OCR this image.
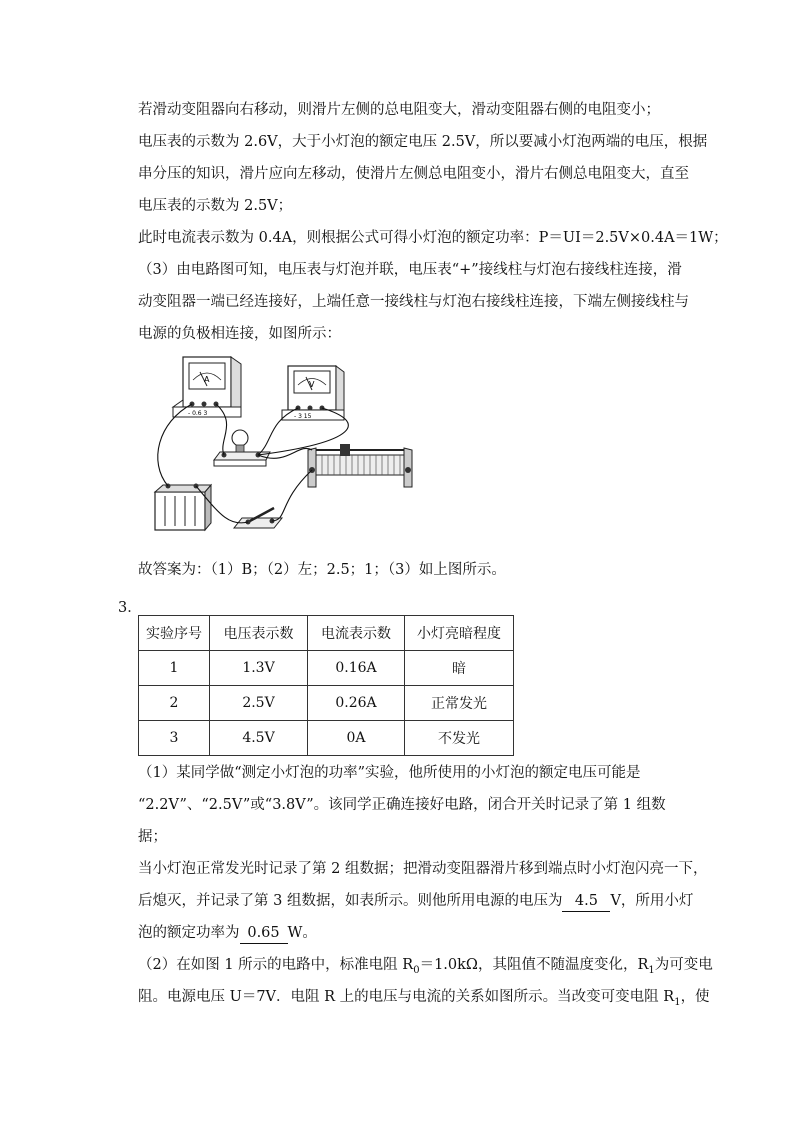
若滑动变阻器向右移动，则滑片左侧的总电阻变大，滑动变阻器右侧的电阻变小；
电压表的示数为 2.6V，大于小灯泡的额定电压 2.5V，所以要减小灯泡两端的电压，根据
串分压的知识，滑片应向左移动，使滑片左侧总电阻变小，滑片右侧总电阻变大，直至
电压表的示数为 2.5V；
此时电流表示数为 0.4A，则根据公式可得小灯泡的额定功率：P＝UI＝2.5V×0.4A＝1W；
（3）由电路图可知，电压表与灯泡并联，电压表“+”接线柱与灯泡右接线柱连接，滑
动变阻器一端已经连接好，上端任意一接线柱与灯泡右接线柱连接，下端左侧接线柱与
电源的负极相连接，如图所示：
A
- 0.6 3
V
- 3 15
故答案为：（1）B；（2）左；2.5；1；（3）如上图所示。
3．
实验序号	电压表示数	电流表示数	小灯亮暗程度
1	1.3V	0.16A	暗
2	2.5V	0.26A	正常发光
3	4.5V	0A	不发光
（1）某同学做“测定小灯泡的功率”实验，他所使用的小灯泡的额定电压可能是
“2.2V”、“2.5V”或“3.8V”。该同学正确连接好电路，闭合开关时记录了第 1 组数
据；
当小灯泡正常发光时记录了第 2 组数据；把滑动变阻器滑片移到端点时小灯泡闪亮一下，
后熄灭，并记录了第 3 组数据，如表所示。则他所用电源的电压为 4.5 V，所用小灯
泡的额定功率为 0.65 W。
（2）在如图 1 所示的电路中，标准电阻 $R_0=1.0k\Omega$，其阻值不随温度变化，$R_1$为可变电
阻。电源电压 U＝7V．电阻 R 上的电压与电流的关系如图所示。当改变可变电阻 $R_1$，使
